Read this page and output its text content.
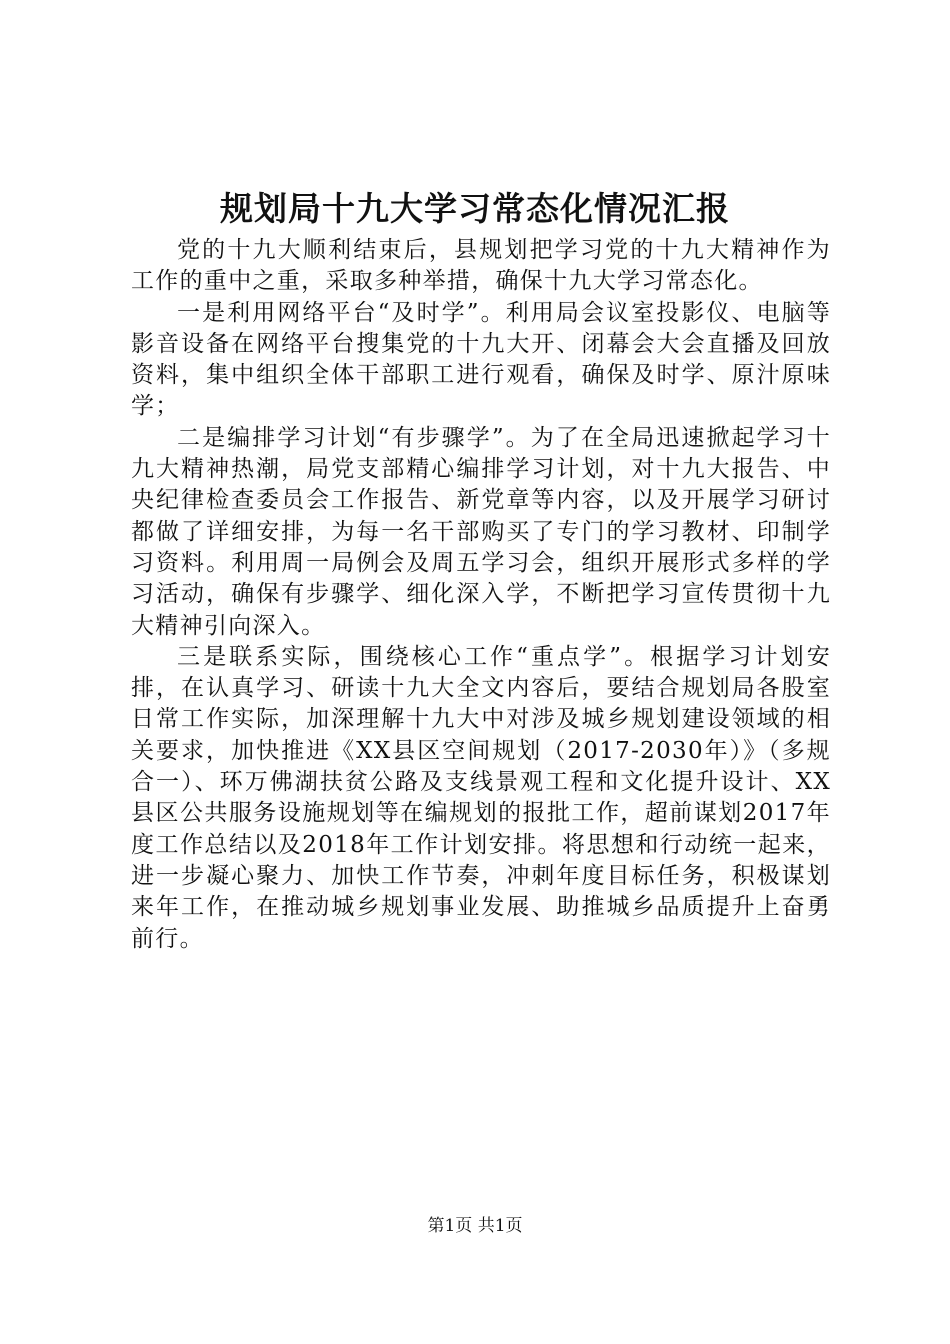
规划局十九大学习常态化情况汇报

党的十九大顺利结束后，县规划把学习党的十九大精神作为工作的重中之重，采取多种举措，确保十九大学习常态化。

一是利用网络平台“及时学”。利用局会议室投影仪、电脑等影音设备在网络平台搜集党的十九大开、闭幕会大会直播及回放资料，集中组织全体干部职工进行观看，确保及时学、原汁原味学；

二是编排学习计划“有步骤学”。为了在全局迅速掀起学习十九大精神热潮，局党支部精心编排学习计划，对十九大报告、中央纪律检查委员会工作报告、新党章等内容，以及开展学习研讨都做了详细安排，为每一名干部购买了专门的学习教材、印制学习资料。利用周一局例会及周五学习会，组织开展形式多样的学习活动，确保有步骤学、细化深入学，不断把学习宣传贯彻十九大精神引向深入。

三是联系实际，围绕核心工作“重点学”。根据学习计划安排，在认真学习、研读十九大全文内容后，要结合规划局各股室日常工作实际，加深理解十九大中对涉及城乡规划建设领域的相关要求，加快推进《XX县区空间规划（2017-2030年）》（多规合一）、环万佛湖扶贫公路及支线景观工程和文化提升设计、XX县区公共服务设施规划等在编规划的报批工作，超前谋划2017年度工作总结以及2018年工作计划安排。将思想和行动统一起来，进一步凝心聚力、加快工作节奏，冲刺年度目标任务，积极谋划来年工作，在推动城乡规划事业发展、助推城乡品质提升上奋勇前行。

第1页 共1页
